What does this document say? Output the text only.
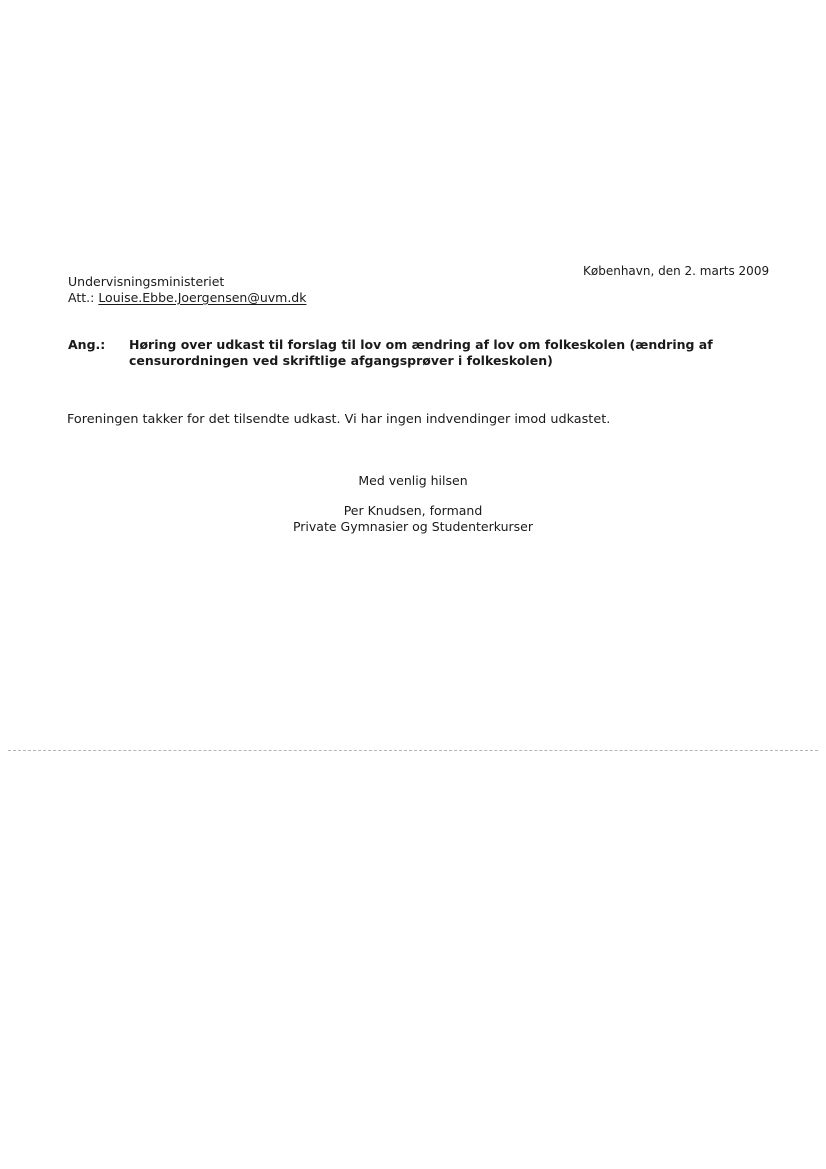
København, den 2. marts 2009
Undervisningsministeriet
Att.: Louise.Ebbe.Joergensen@uvm.dk
Ang.: Høring over udkast til forslag til lov om ændring af lov om folkeskolen (ændring af
censurordningen ved skriftlige afgangsprøver i folkeskolen)
Foreningen takker for det tilsendte udkast. Vi har ingen indvendinger imod udkastet.
Med venlig hilsen
Per Knudsen, formand
Private Gymnasier og Studenterkurser
